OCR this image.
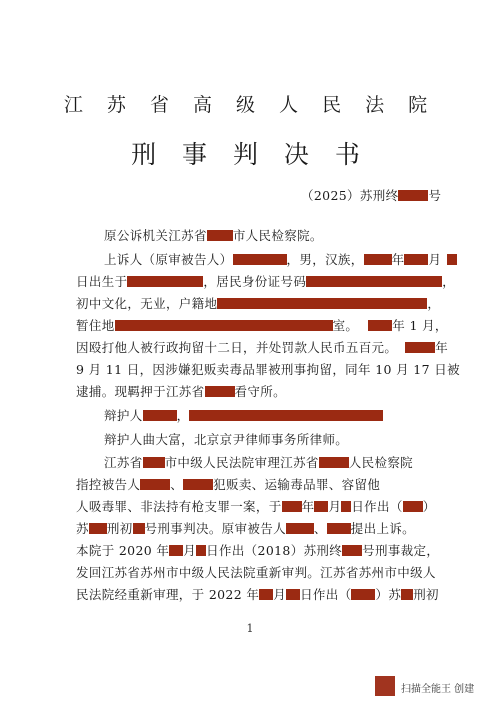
江 苏 省 高 级 人 民 法 院
刑 事 判 决 书
（2025）苏刑终 号
原公诉机关江苏省 市人民检察院。
上诉人（原审被告人）	，男，汉族， 年 月
日出生于	，居民身份证号码	，
初中文化，无业，户籍地	，
暂住地	室。	年 1 月，
因殴打他人被行政拘留十二日，并处罚款人民币五百元。	年
9 月 11 日，因涉嫌犯贩卖毒品罪被刑事拘留，同年 10 月 17 日被
逮捕。现羁押于江苏省 看守所。
辩护人	，
辩护人曲大富，北京京尹律师事务所律师。
江苏省 市中级人民法院审理江苏省 人民检察院
指控被告人 、 犯贩卖、运输毒品罪、容留他
人吸毒罪、非法持有枪支罪一案，于 年 月 日作出（ ）
苏 刑初 号刑事判决。原审被告人 、 提出上诉。
本院于 2020 年 月 日作出（2018）苏刑终 号刑事裁定，
发回江苏省苏州市中级人民法院重新审判。江苏省苏州市中级人
民法院经重新审理，于 2022 年 月 日作出（ ）苏 刑初
1
扫描全能王 创建
